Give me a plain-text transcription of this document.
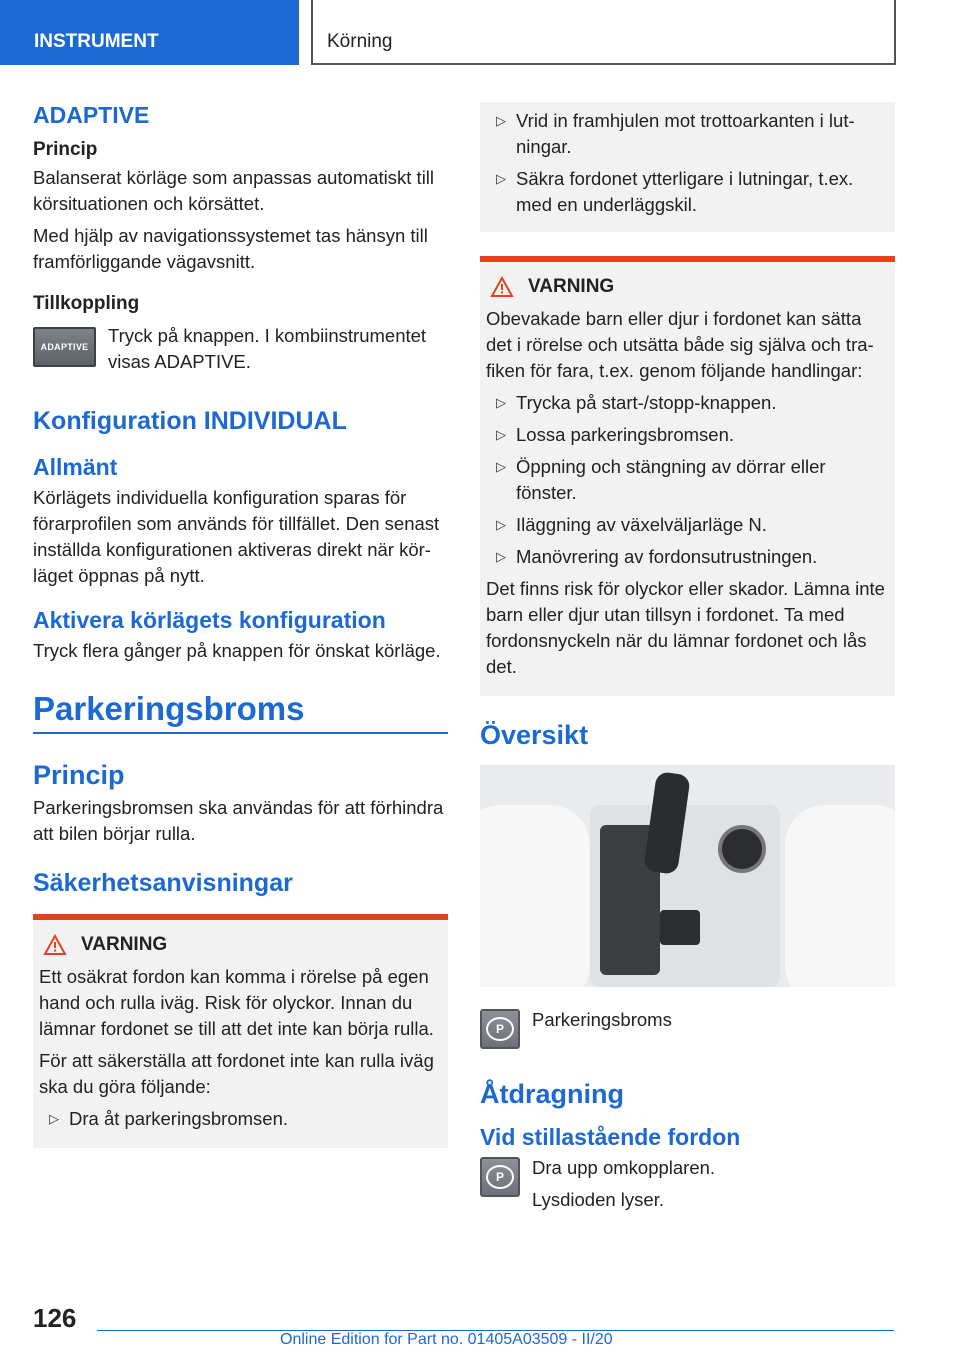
INSTRUMENT	Körning
ADAPTIVE
Princip

Balanserat körläge som anpassas automatiskt till körsituationen och körsättet.

Med hjälp av navigationssystemet tas hänsyn till framförliggande vägavsnitt.

Tillkoppling
ADAPTIVE

Tryck på knappen. I kombiinstrumentet visas ADAPTIVE.

Konfiguration INDIVIDUAL
Allmänt

Körlägets individuella konfiguration sparas för förarprofilen som används för tillfället. Den senast inställda konfigurationen aktiveras direkt när körläget öppnas på nytt.

Aktivera körlägets konfiguration

Tryck flera gånger på knappen för önskat körläge.

Parkeringsbroms
Princip

Parkeringsbromsen ska användas för att förhindra att bilen börjar rulla.

Säkerhetsanvisningar
VARNING

Ett osäkrat fordon kan komma i rörelse på egen hand och rulla iväg. Risk för olyckor. Innan du lämnar fordonet se till att det inte kan börja rulla.

För att säkerställa att fordonet inte kan rulla iväg ska du göra följande:

▷ Dra åt parkeringsbromsen.
▷ Vrid in framhjulen mot trottoarkanten i lutningar.
▷ Säkra fordonet ytterligare i lutningar, t.ex. med en underläggskil.
VARNING

Obevakade barn eller djur i fordonet kan sätta det i rörelse och utsätta både sig själva och trafiken för fara, t.ex. genom följande handlingar:

▷ Trycka på start-/stopp-knappen.
▷ Lossa parkeringsbromsen.
▷ Öppning och stängning av dörrar eller fönster.
▷ Iläggning av växelväljarläge N.
▷ Manövrering av fordonsutrustningen.

Det finns risk för olyckor eller skador. Lämna inte barn eller djur utan tillsyn i fordonet. Ta med fordonsnyckeln när du lämnar fordonet och lås det.

Översikt
P	Parkeringsbroms

Åtdragning
Vid stillastående fordon
P	Dra upp omkopplaren.

Lysdioden lyser.

126
Online Edition for Part no. 01405A03509 - II/20
